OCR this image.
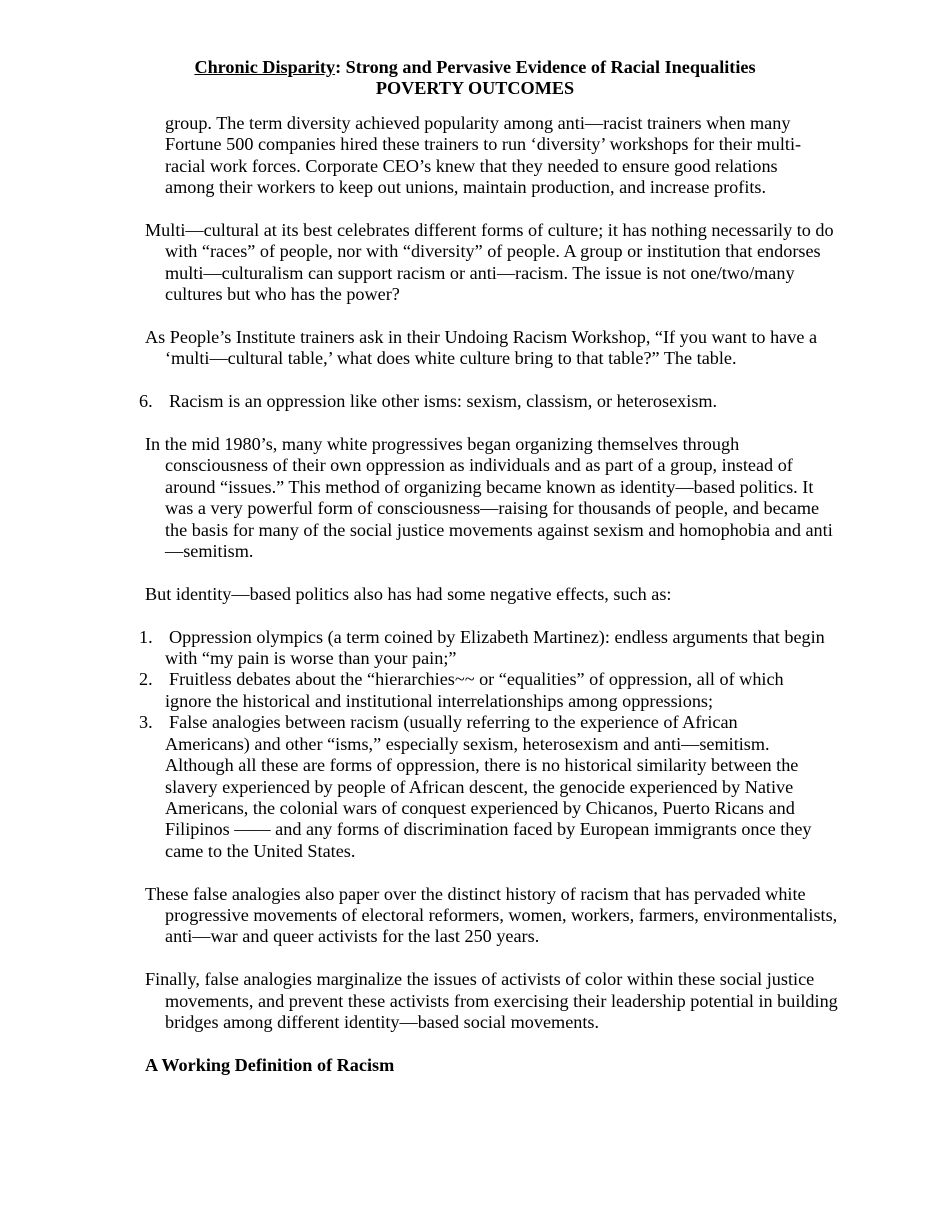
Chronic Disparity: Strong and Pervasive Evidence of Racial Inequalities
POVERTY OUTCOMES
group. The term diversity achieved popularity among anti—racist trainers when many Fortune 500 companies hired these trainers to run ‘diversity’ workshops for their multi- racial work forces. Corporate CEO’s knew that they needed to ensure good relations among their workers to keep out unions, maintain production, and increase profits.
Multi—cultural at its best celebrates different forms of culture; it has nothing necessarily to do with “races” of people, nor with “diversity” of people. A group or institution that endorses multi—culturalism can support racism or anti—racism. The issue is not one/two/many cultures but who has the power?
As People’s Institute trainers ask in their Undoing Racism Workshop, “If you want to have a ‘multi—cultural table,’ what does white culture bring to that table?” The table.
6. Racism is an oppression like other isms: sexism, classism, or heterosexism.
In the mid 1980’s, many white progressives began organizing themselves through consciousness of their own oppression as individuals and as part of a group, instead of around “issues.” This method of organizing became known as identity—based politics. It was a very powerful form of consciousness—raising for thousands of people, and became the basis for many of the social justice movements against sexism and homophobia and anti—semitism.
But identity—based politics also has had some negative effects, such as:
1. Oppression olympics (a term coined by Elizabeth Martinez): endless arguments that begin with “my pain is worse than your pain;”
2. Fruitless debates about the “hierarchies~~ or “equalities” of oppression, all of which ignore the historical and institutional interrelationships among oppressions;
3. False analogies between racism (usually referring to the experience of African Americans) and other “isms,” especially sexism, heterosexism and anti—semitism. Although all these are forms of oppression, there is no historical similarity between the slavery experienced by people of African descent, the genocide experienced by Native Americans, the colonial wars of conquest experienced by Chicanos, Puerto Ricans and Filipinos —— and any forms of discrimination faced by European immigrants once they came to the United States.
These false analogies also paper over the distinct history of racism that has pervaded white progressive movements of electoral reformers, women, workers, farmers, environmentalists, anti—war and queer activists for the last 250 years.
Finally, false analogies marginalize the issues of activists of color within these social justice movements, and prevent these activists from exercising their leadership potential in building bridges among different identity—based social movements.
A Working Definition of Racism
